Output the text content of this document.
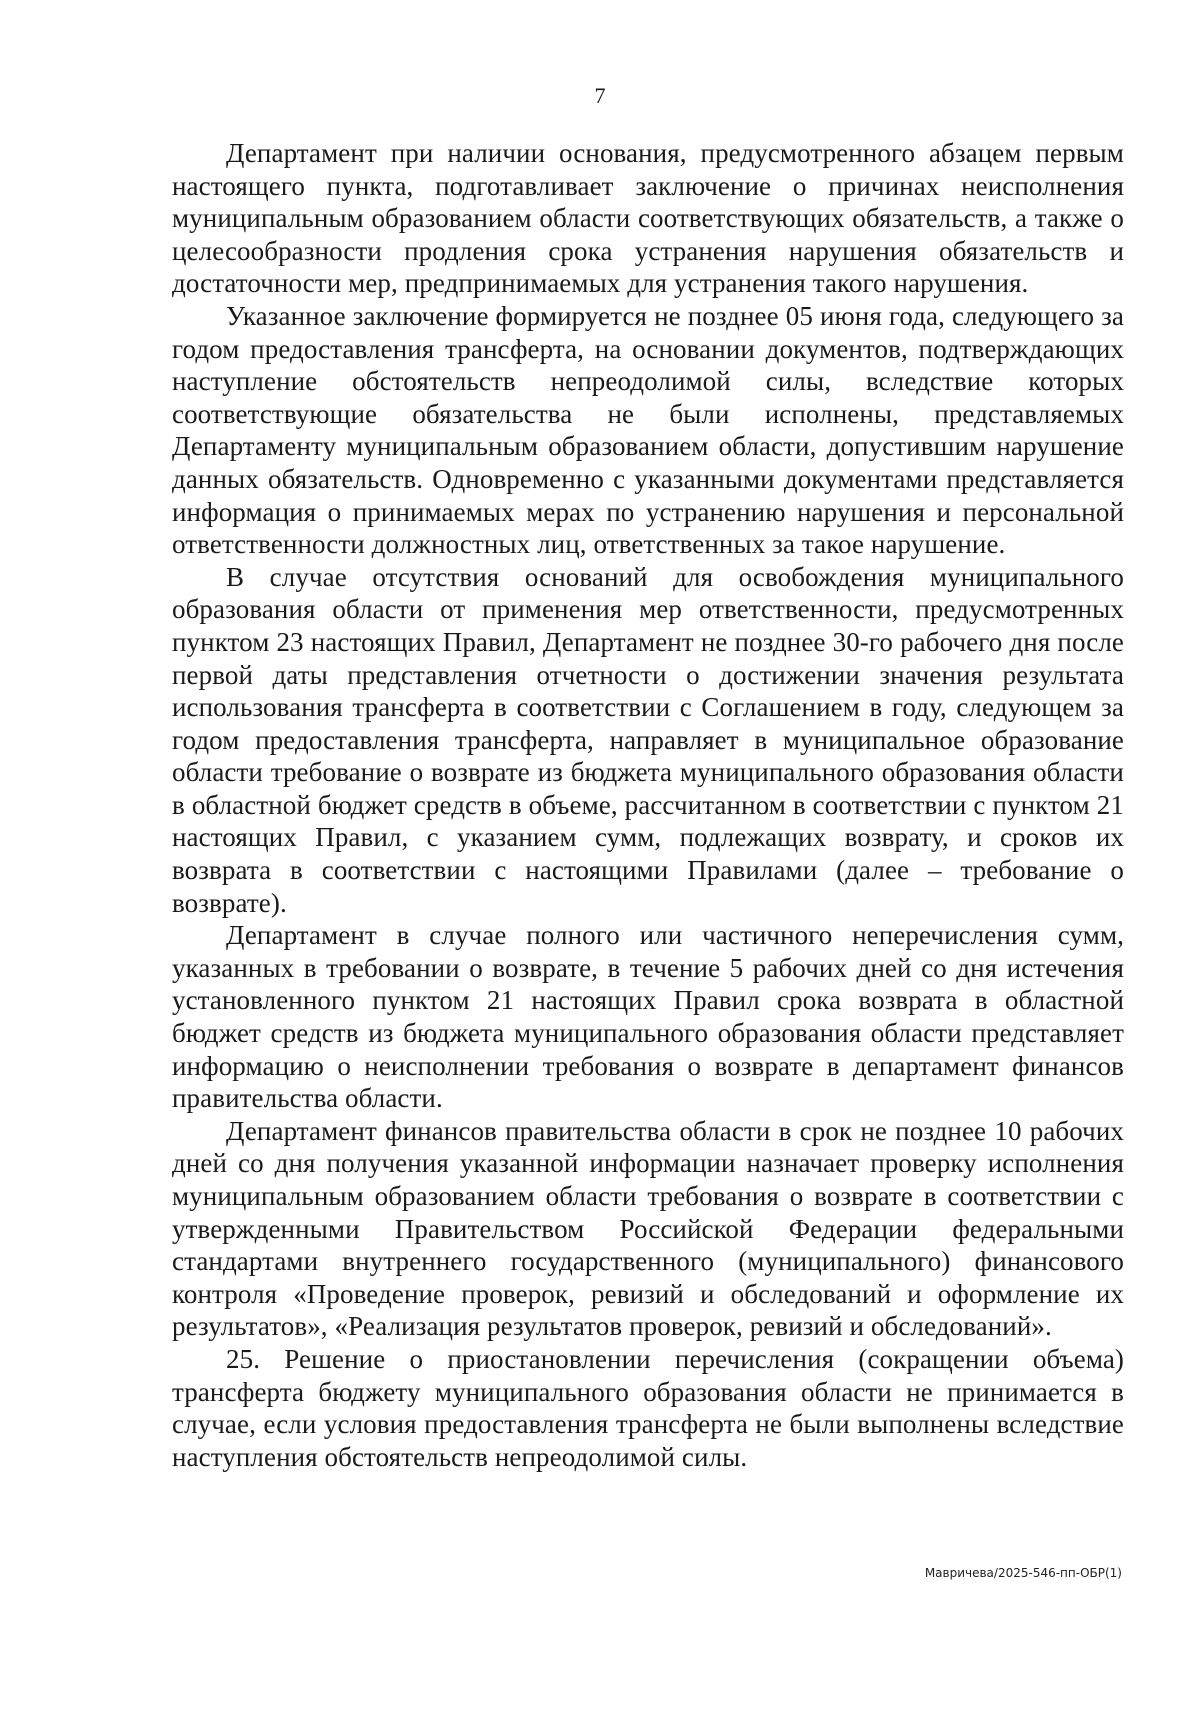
7

Департамент при наличии основания, предусмотренного абзацем первым настоящего пункта, подготавливает заключение о причинах неисполнения муниципальным образованием области соответствующих обязательств, а также о целесообразности продления срока устранения нарушения обязательств и достаточности мер, предпринимаемых для устранения такого нарушения.

Указанное заключение формируется не позднее 05 июня года, следующего за годом предоставления трансферта, на основании документов, подтверждающих наступление обстоятельств непреодолимой силы, вследствие которых соответствующие обязательства не были исполнены, представляемых Департаменту муниципальным образованием области, допустившим нарушение данных обязательств. Одновременно с указанными документами представляется информация о принимаемых мерах по устранению нарушения и персональной ответственности должностных лиц, ответственных за такое нарушение.

В случае отсутствия оснований для освобождения муниципального образования области от применения мер ответственности, предусмотренных пунктом 23 настоящих Правил, Департамент не позднее 30-го рабочего дня после первой даты представления отчетности о достижении значения результата использования трансферта в соответствии с Соглашением в году, следующем за годом предоставления трансферта, направляет в муниципальное образование области требование о возврате из бюджета муниципального образования области в областной бюджет средств в объеме, рассчитанном в соответствии с пунктом 21 настоящих Правил, с указанием сумм, подлежащих возврату, и сроков их возврата в соответствии с настоящими Правилами (далее – требование о возврате).

Департамент в случае полного или частичного неперечисления сумм, указанных в требовании о возврате, в течение 5 рабочих дней со дня истечения установленного пунктом 21 настоящих Правил срока возврата в областной бюджет средств из бюджета муниципального образования области представляет информацию о неисполнении требования о возврате в департамент финансов правительства области.

Департамент финансов правительства области в срок не позднее 10 рабочих дней со дня получения указанной информации назначает проверку исполнения муниципальным образованием области требования о возврате в соответствии с утвержденными Правительством Российской Федерации федеральными стандартами внутреннего государственного (муниципального) финансового контроля «Проведение проверок, ревизий и обследований и оформление их результатов», «Реализация результатов проверок, ревизий и обследований».

25. Решение о приостановлении перечисления (сокращении объема) трансферта бюджету муниципального образования области не принимается в случае, если условия предоставления трансферта не были выполнены вследствие наступления обстоятельств непреодолимой силы.

Мавричева/2025-546-пп-ОБР(1)
